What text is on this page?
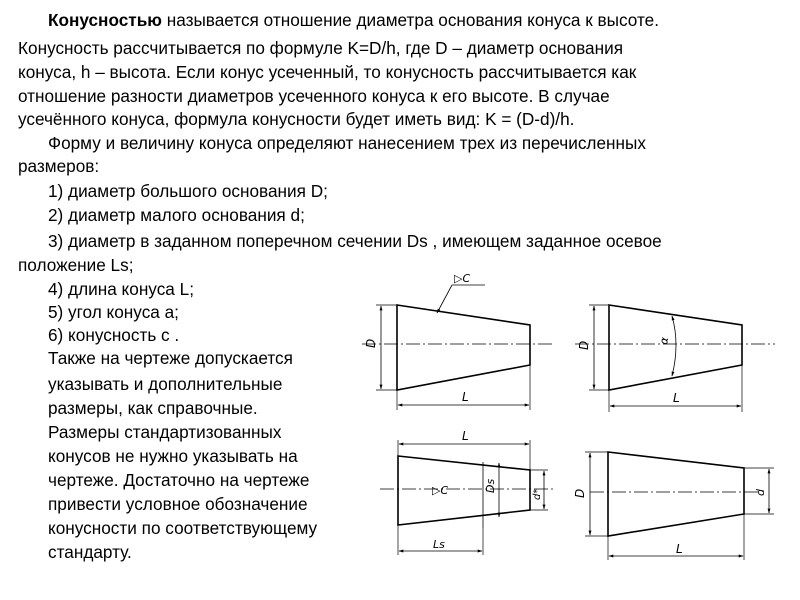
Конусностью называется отношение диаметра основания конуса к высоте.
Конусность рассчитывается по формуле K=D/h, где D – диаметр основания
конуса, h – высота. Если конус усеченный, то конусность рассчитывается как
отношение разности диаметров усеченного конуса к его высоте. В случае
усечённого конуса, формула конусности будет иметь вид: K = (D-d)/h.
Форму и величину конуса определяют нанесением трех из перечисленных
размеров:
1) диаметр большого основания D;
2) диаметр малого основания d;
3) диаметр в заданном поперечном сечении Ds , имеющем заданное осевое
положение Ls;
4) длина конуса L;
5) угол конуса a;
6) конусность с .
Также на чертеже допускается
указывать и дополнительные
размеры, как справочные.
Размеры стандартизованных
конусов не нужно указывать на
чертеже. Достаточно на чертеже
привести условное обозначение
конусности по соответствующему
стандарту.
D
L
▷C
D	α
L
L
Ds
d*
Ls
▷C	D	d
L
